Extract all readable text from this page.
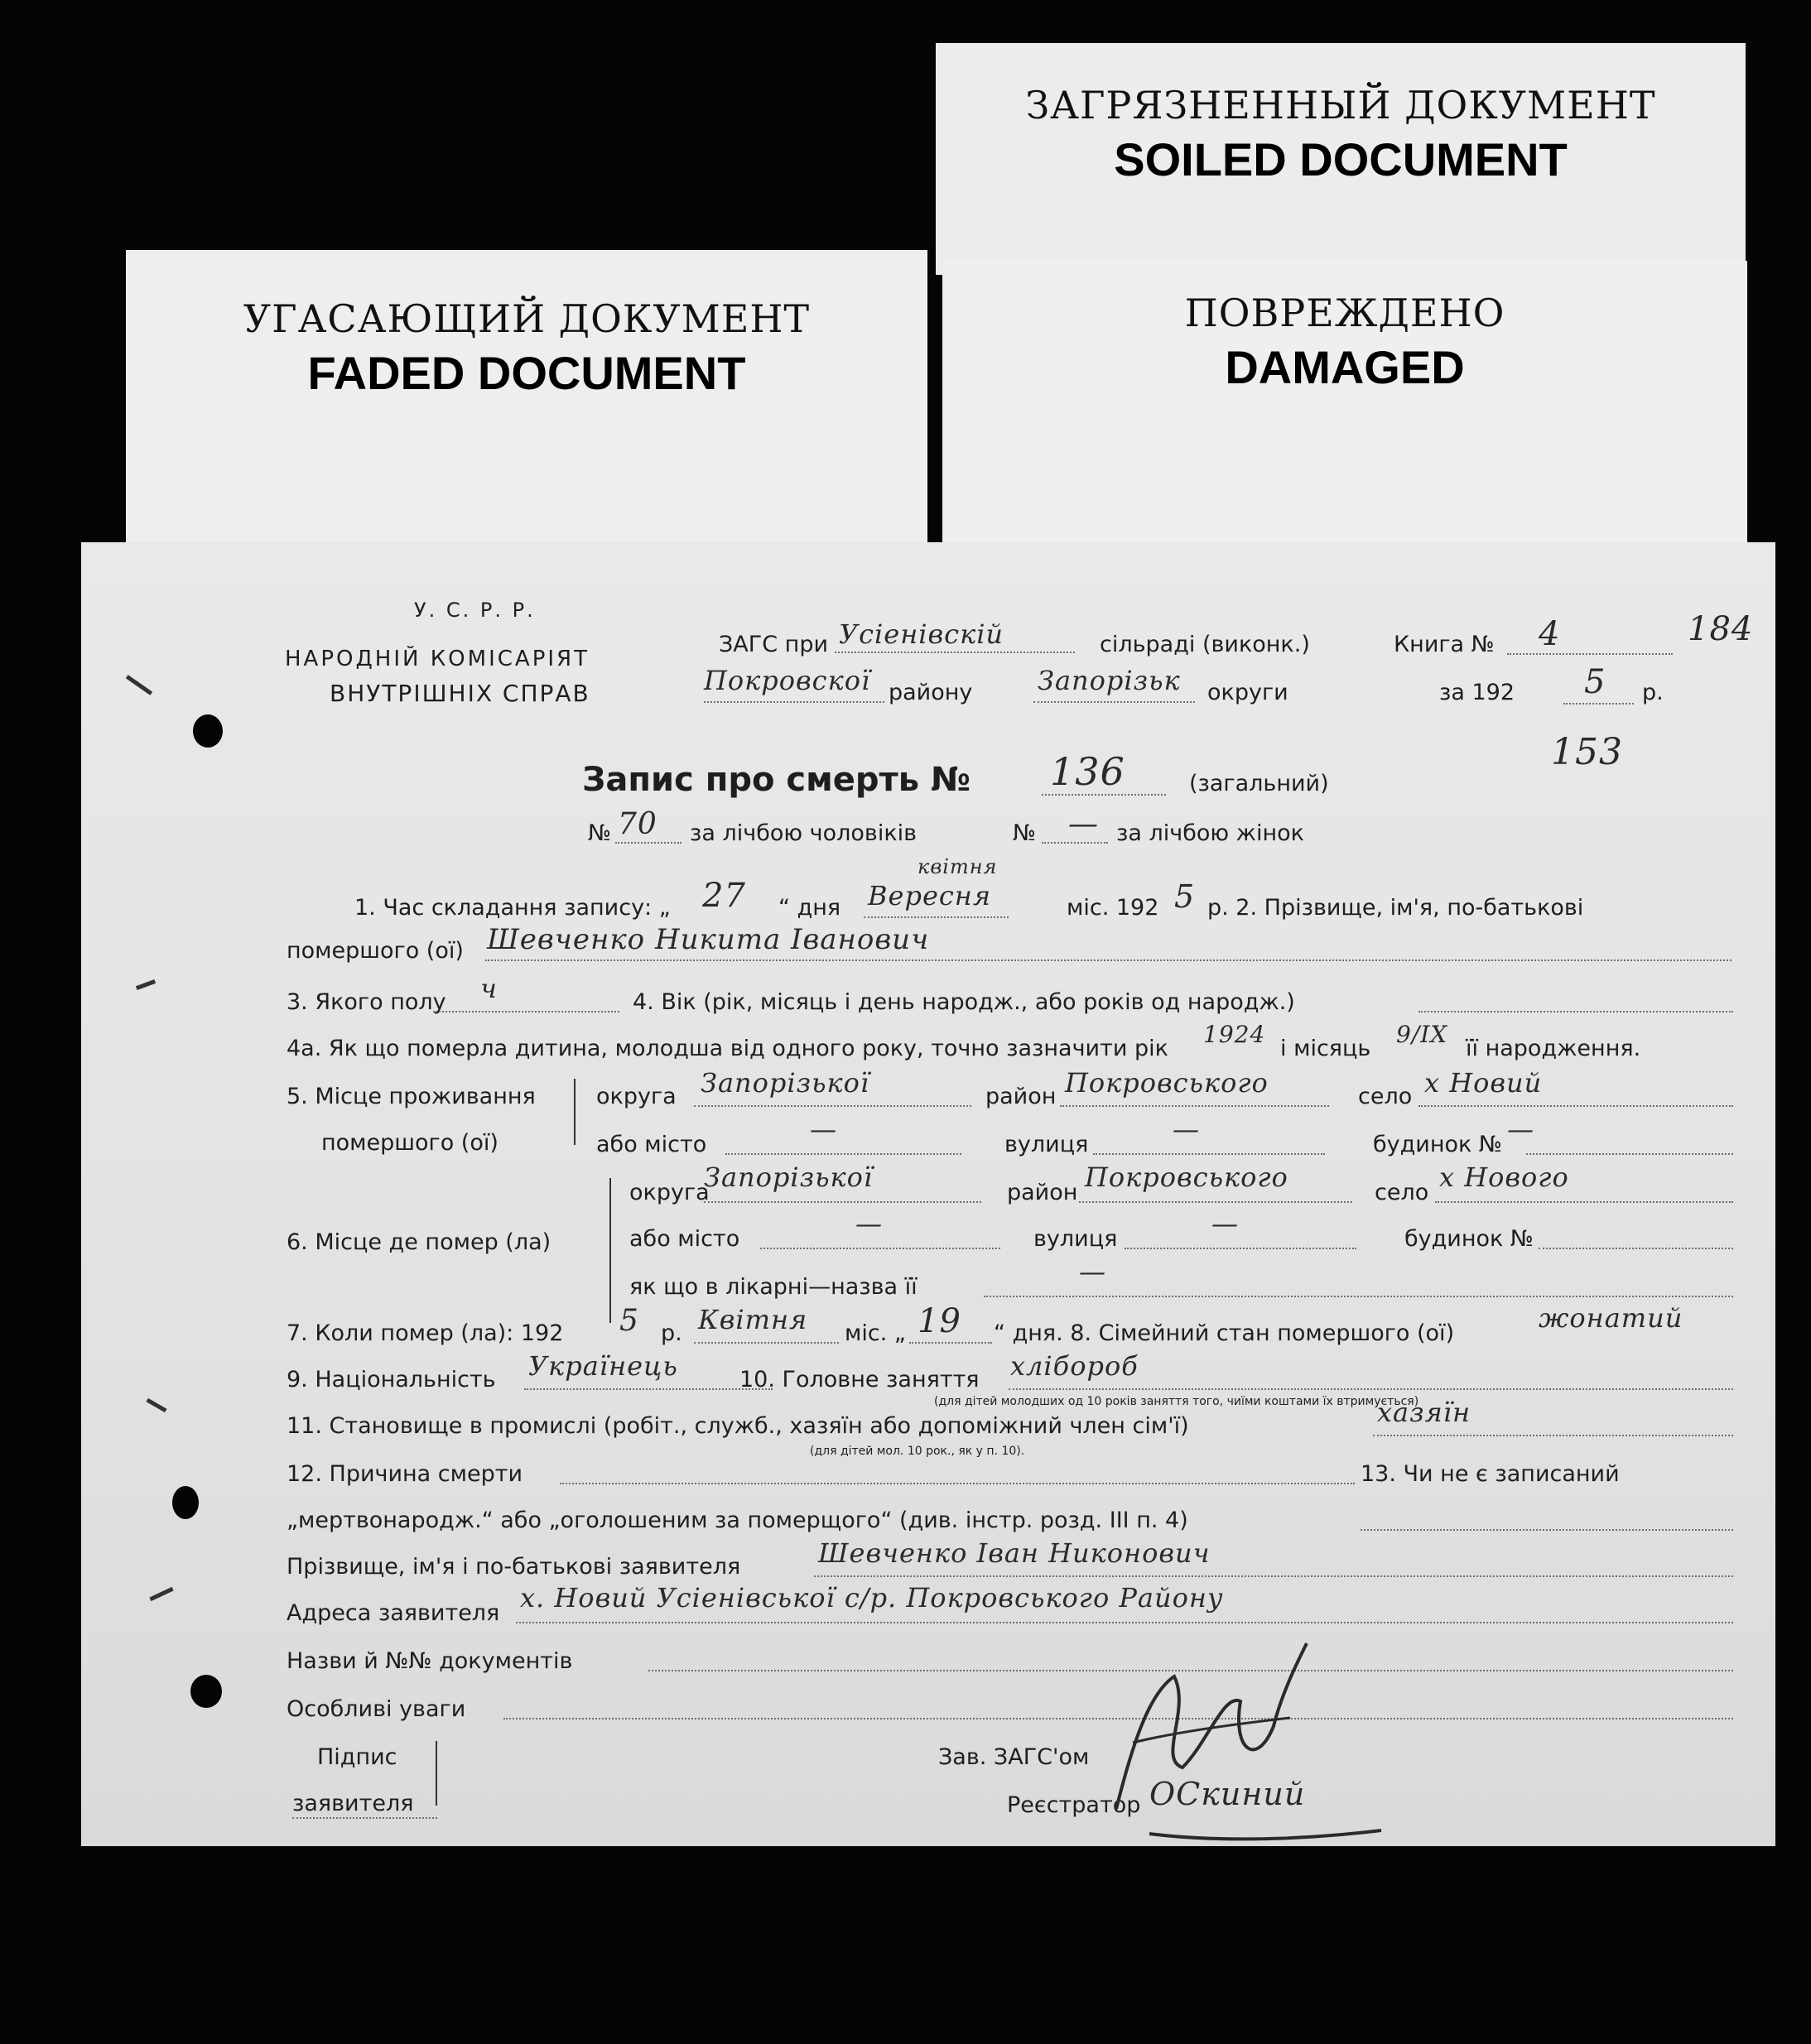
ЗАГРЯЗНЕННЫЙ ДОКУМЕНТ
SOILED DOCUMENT
УГАСАЮЩИЙ ДОКУМЕНТ
FADED DOCUMENT
ПОВРЕЖДЕНО
DAMAGED
У. С. Р. Р.
НАРОДНІЙ КОМІСАРІЯТ
ВНУТРІШНІХ СПРАВ
ЗАГС при Усіенівскій	сільраді (виконк.)
Покровскої району Запорізьк округи
Книга № 4	184
за 192 5 р.
153
Запис про смерть № 136	(загальний)
№ 70 за лічбою чоловіків	№ — за лічбою жінок
1. Час складання запису: „ 27 “ дня
квітня
Вересня	міс. 192 5 р. 2. Прізвище, ім'я, по-батькові
помершого (ої) Шевченко Никита Іванович
3. Якого полу ч	4. Вік (рік, місяць і день народж., або років од народж.)
4а. Як що померла дитина, молодша від одного року, точно зазначити рік
1924
і місяць
9/IX
її народження.
5. Місце проживання	округа Запорізької	район Покровського	село х Новий
помершого (ої)	або місто	—	вулиця	—	будинок № —
округа
Запорізької	район Покровського	село х Нового
6. Місце де помер (ла)	або місто	—	вулиця	—	будинок №
як що в лікарні—назва її	—
7. Коли помер (ла): 192 5 р. Квітня міс. „ 19 “ дня. 8. Сімейний стан помершого (ої)	жонатий
9. Національність Українець	10. Головне заняття хлібороб
(для дітей молодших од 10 років заняття того, чиїми коштами їх втримується)
11. Становище в промислі (робіт., служб., хазяїн або допоміжний член сім'ї)	хазяїн
(для дітей мол. 10 рок., як у п. 10).
12. Причина смерти	13. Чи не є записаний
„мертвонародж.“ або „оголошеним за померщого“ (див. інстр. розд. III п. 4)
Прізвище, ім'я і по-батькові заявителя	Шевченко Іван Никонович
Адреса заявителя х. Новий Усіенівської с/р. Покровського Району
Назви й №№ документів
Особливі уваги
Підпис
заявителя
Зав. ЗАГС'ом
Реєстратор ОСкиний
